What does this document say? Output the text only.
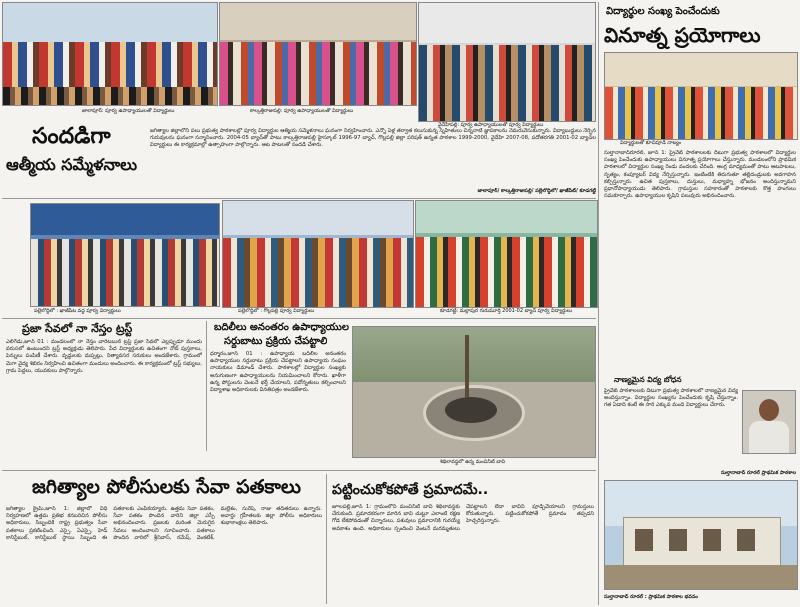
జాలాపూర్‌: పూర్వ ఉపాధ్యాయులతో విద్యార్థులు	కాల్కత్తిరాజుపల్లి: పూర్వ ఉపాధ్యాయులతో విద్యార్థులు
వైదేహిపల్లి: పూర్వ ఉపాధ్యాయులతో పూర్వ విద్యార్థులు
సందడిగా
ఆత్మీయ సమ్మేళనాలు
జగిత్యాల జిల్లాలోని పలు ప్రభుత్వ పాఠశాలల్లో పూర్వ విద్యార్థుల ఆత్మీయ సమ్మేళనాలు ఘనంగా నిర్వహించారు. ఎన్నో ఏళ్ల తర్వాత కలుసుకున్న స్నేహితులు చిన్ననాటి జ్ఞాపకాలను నెమరువేసుకున్నారు. విద్యాబుద్ధులు నేర్పిన గురువులను ఘనంగా సన్మానించారు. 2004-05 బ్యాచ్‌తో పాటు కాల్కత్తిరాజుపల్లి హైస్కూల్ 1996-97 బ్యాచ్, గొల్లపల్లి జిల్లా పరిషత్ ఉన్నత పాఠశాల 1999-2000, వైదేహి 2007-08, పదోతరగతి 2001-02 బ్యాచ్‌ల విద్యార్థులు ఈ కార్యక్రమాల్లో ఉత్సాహంగా పాల్గొన్నారు. ఆట పాటలతో సందడి చేశారు.
జాలాపూర్‌/ కాల్కత్తిరాజుపల్లి/ పల్లెలొద్దిలో/ ఖాజీపేట్/ కూడగట్టి
పల్లెలొద్దిలో : ఖాజీపేట వద్ద పూర్వ విద్యార్థులు	పల్లెలొద్దిలో : గొల్లపల్లి పూర్వ విద్యార్థులు	కూడగట్టి: మల్లాపుర గురుమూర్తి 2001-02 బ్యాచ్ పూర్వ విద్యార్థులు
ప్రజా సేవలో నా నేస్తం ట్రస్ట్
ఎలిగేడు,జూన్ 01 : మండలంలో నా నేస్తం చారిటబుల్ ట్రస్ట్ ప్రజా సేవలో ఎల్లప్పుడూ ముందు వరుసలో ఉంటుందని ట్రస్ట్ అధ్యక్షుడు తెలిపారు. పేద విద్యార్థులకు ఉచితంగా నోట్ పుస్తకాలు, పెన్నులు పంపిణీ చేశారు. వృద్ధులకు దుప్పట్లు, నిత్యావసర సరుకులు అందజేశారు. గ్రామంలో మెగా వైద్య శిబిరం నిర్వహించి ఉచితంగా మందులు అందించారు. ఈ కార్యక్రమంలో ట్రస్ట్ సభ్యులు, గ్రామ పెద్దలు, యువకులు పాల్గొన్నారు.
బదిలీలు అనంతరం ఉపాధ్యాయుల
సర్దుబాటు ప్రక్రియ చేపట్టాలి
ధర్మారం,జూన్ 01 : ఉపాధ్యాయ బదిలీల అనంతరం ఉపాధ్యాయుల సర్దుబాటు ప్రక్రియ చేపట్టాలని ఉపాధ్యాయ సంఘం నాయకులు డిమాండ్ చేశారు. పాఠశాలల్లో విద్యార్థుల సంఖ్యకు అనుగుణంగా ఉపాధ్యాయులను నియమించాలని కోరారు. ఖాళీగా ఉన్న పోస్టులను వెంటనే భర్తీ చేయాలని, పదోన్నతులు కల్పించాలని విద్యాశాఖ అధికారులకు వినతిపత్రం అందజేశారు.
శిథిలావస్థలో ఉన్న మంచినీటి బావి
జగిత్యాల పోలీసులకు సేవా పతకాలు
జగిత్యాల క్రైమ్,జూన్ 1: జిల్లాలో విధి నిర్వహణలో ఉత్తమ ప్రతిభ కనబరిచిన పోలీసు అధికారులు, సిబ్బందికి రాష్ట్ర ప్రభుత్వం సేవా పతకాలు ప్రకటించింది. ఎస్సై, ఏఎస్సై, హెడ్ కానిస్టేబుల్, కానిస్టేబుల్ స్థాయి సిబ్బంది ఈ పతకాలకు ఎంపికయ్యారు. ఉత్తమ సేవా పతకం, సేవా పతకం పొందిన వారిని జిల్లా ఎస్పీ అభినందించారు. ప్రజలకు మరింత మెరుగైన సేవలు అందించాలని సూచించారు. పతకాలు పొందిన వారిలో శ్రీనివాస్, రమేష్, వెంకటేశ్, మల్లేశం, సురేష్, రాజు తదితరులు ఉన్నారు. అవార్డు గ్రహీతలకు జిల్లా పోలీసు అధికారులు శుభాకాంక్షలు తెలిపారు.
పట్టించుకోకపోతే ప్రమాదమే..
జూలపల్లి,జూన్ 1: గ్రామంలోని మంచినీటి బావి శిథిలావస్థకు చేరుకుంది. ప్రమాదకరంగా మారిన బావి చుట్టూ ఎలాంటి రక్షణ గోడ లేకపోవడంతో చిన్నారులు, పశువులు ప్రమాదానికి గురయ్యే అవకాశం ఉంది. అధికారులు స్పందించి వెంటనే మరమ్మతులు చేపట్టాలని లేదా బావిని పూడ్చివేయాలని గ్రామస్తులు కోరుతున్నారు. పట్టించుకోకపోతే ప్రమాదం తప్పదని హెచ్చరిస్తున్నారు.
విద్యార్థుల సంఖ్య పెంచేందుకు
వినూత్న ప్రయోగాలు
విద్యార్థులతో కూచిపూడి నాట్యం
సుల్తానాబాద్‌రూరల్, జూన్ 1: ప్రైవేట్ పాఠశాలలకు దీటుగా ప్రభుత్వ పాఠశాలలో విద్యార్థుల సంఖ్య పెంచేందుకు ఉపాధ్యాయులు వినూత్న ప్రయోగాలు చేస్తున్నారు. మండలంలోని ప్రాథమిక పాఠశాలలో విద్యార్థుల సంఖ్య రెండు వందలకు చేరింది. ఆంగ్ల మాధ్యమంతో పాటు ఆటపాటలు, నృత్యం, కంప్యూటర్ విద్య నేర్పిస్తున్నారు. ఇంటింటికి తిరుగుతూ తల్లిదండ్రులకు అవగాహన కల్పిస్తున్నారు. ఉచిత పుస్తకాలు, దుస్తులు, మధ్యాహ్న భోజనం అందిస్తున్నామని ప్రధానోపాధ్యాయుడు తెలిపారు. గ్రామస్తుల సహకారంతో పాఠశాలకు కొత్త హంగులు సమకూర్చారు. ఉపాధ్యాయుల కృషిని పలువురు అభినందించారు.
నాణ్యమైన విద్య బోధన
ప్రైవేట్ పాఠశాలలకు దీటుగా ప్రభుత్వ పాఠశాలలో నాణ్యమైన విద్య అందిస్తున్నాం. విద్యార్థుల సంఖ్యను పెంచేందుకు కృషి చేస్తున్నాం. గత ఏడాది కంటే ఈ సారి ఎక్కువ మంది విద్యార్థులు చేరారు.
సుల్తానాబాద్ రూరల్ ప్రాథమిక పాఠశాల
సుల్తానాబాద్ రూరల్ : ప్రాథమిక పాఠశాల భవనం
